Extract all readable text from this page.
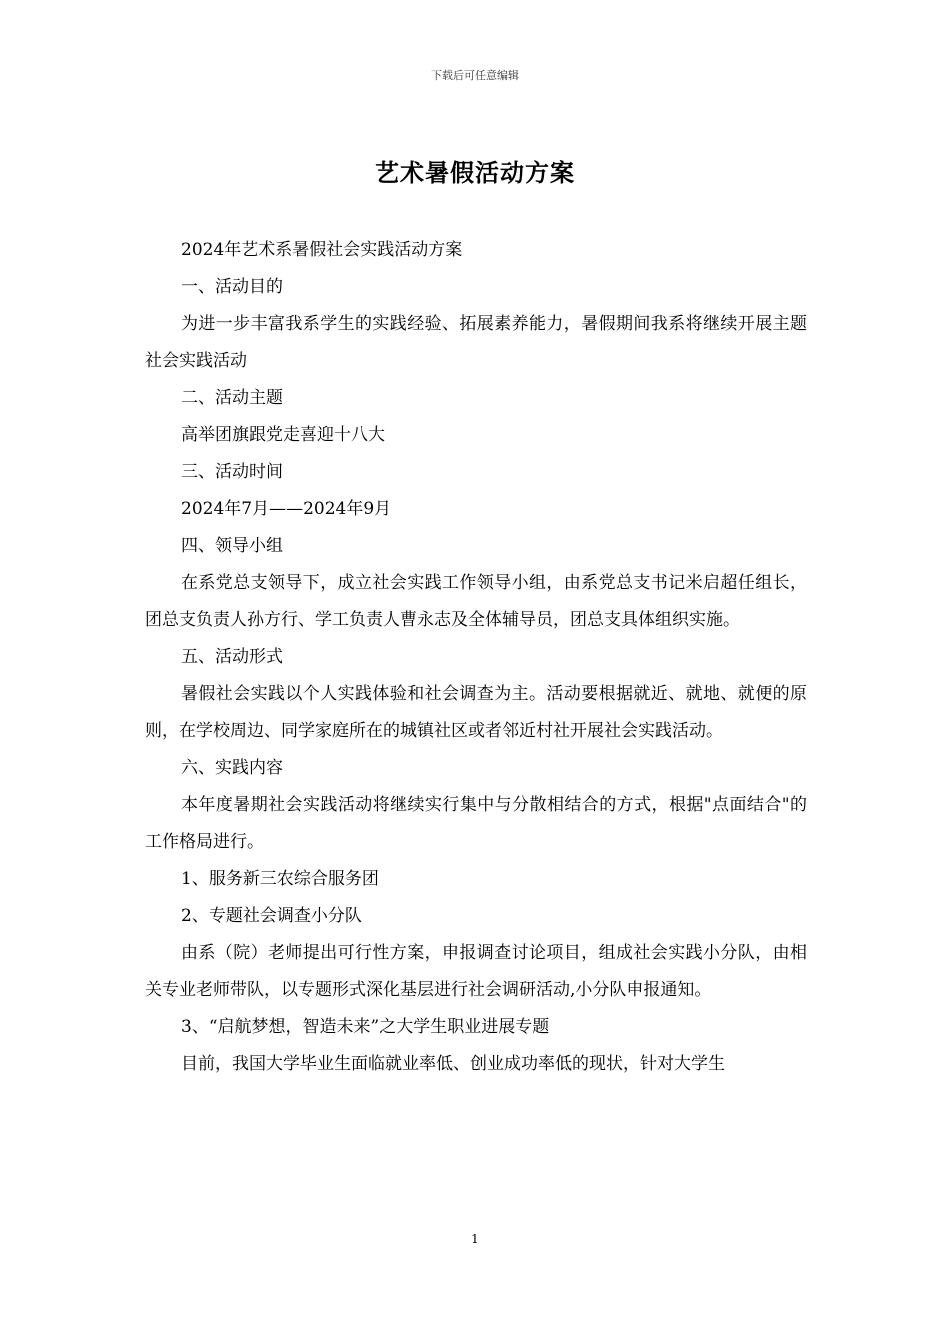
下载后可任意编辑
艺术暑假活动方案

2024年艺术系暑假社会实践活动方案

一、活动目的

为进一步丰富我系学生的实践经验、拓展素养能力，暑假期间我系将继续开展主题社会实践活动

二、活动主题

高举团旗跟党走喜迎十八大

三、活动时间

2024年7月——2024年9月

四、领导小组

在系党总支领导下，成立社会实践工作领导小组，由系党总支书记米启超任组长，团总支负责人孙方行、学工负责人曹永志及全体辅导员，团总支具体组织实施。

五、活动形式

暑假社会实践以个人实践体验和社会调查为主。活动要根据就近、就地、就便的原则，在学校周边、同学家庭所在的城镇社区或者邻近村社开展社会实践活动。

六、实践内容

本年度暑期社会实践活动将继续实行集中与分散相结合的方式，根据"点面结合"的工作格局进行。

1、服务新三农综合服务团

2、专题社会调查小分队

由系（院）老师提出可行性方案，申报调查讨论项目，组成社会实践小分队，由相关专业老师带队，以专题形式深化基层进行社会调研活动,小分队申报通知。

3、“启航梦想，智造未来”之大学生职业进展专题

目前，我国大学毕业生面临就业率低、创业成功率低的现状，针对大学生

1
